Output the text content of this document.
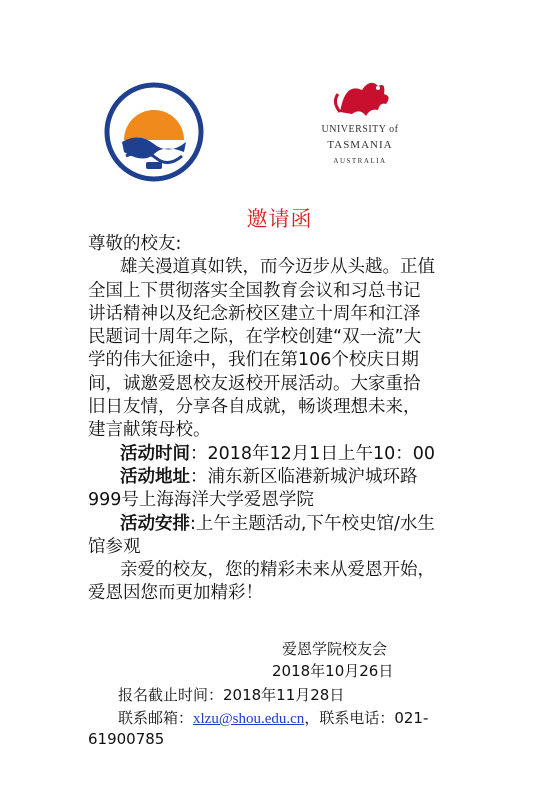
UNIVERSITY of
TASMANIA
AUSTRALIA
邀请函
尊敬的校友:
雄关漫道真如铁，而今迈步从头越。正值
全国上下贯彻落实全国教育会议和习总书记
讲话精神以及纪念新校区建立十周年和江泽
民题词十周年之际，在学校创建“双一流”大
学的伟大征途中，我们在第106个校庆日期
间，诚邀爱恩校友返校开展活动。大家重拾
旧日友情，分享各自成就，畅谈理想未来，
建言献策母校。
活动时间：2018年12月1日上午10：00
活动地址：浦东新区临港新城沪城环路
999号上海海洋大学爱恩学院
活动安排:上午主题活动,下午校史馆/水生
馆参观
亲爱的校友，您的精彩未来从爱恩开始，
爱恩因您而更加精彩！
爱恩学院校友会
2018年10月26日
报名截止时间：2018年11月28日
联系邮箱：xlzu@shou.edu.cn，联系电话：021-
61900785
